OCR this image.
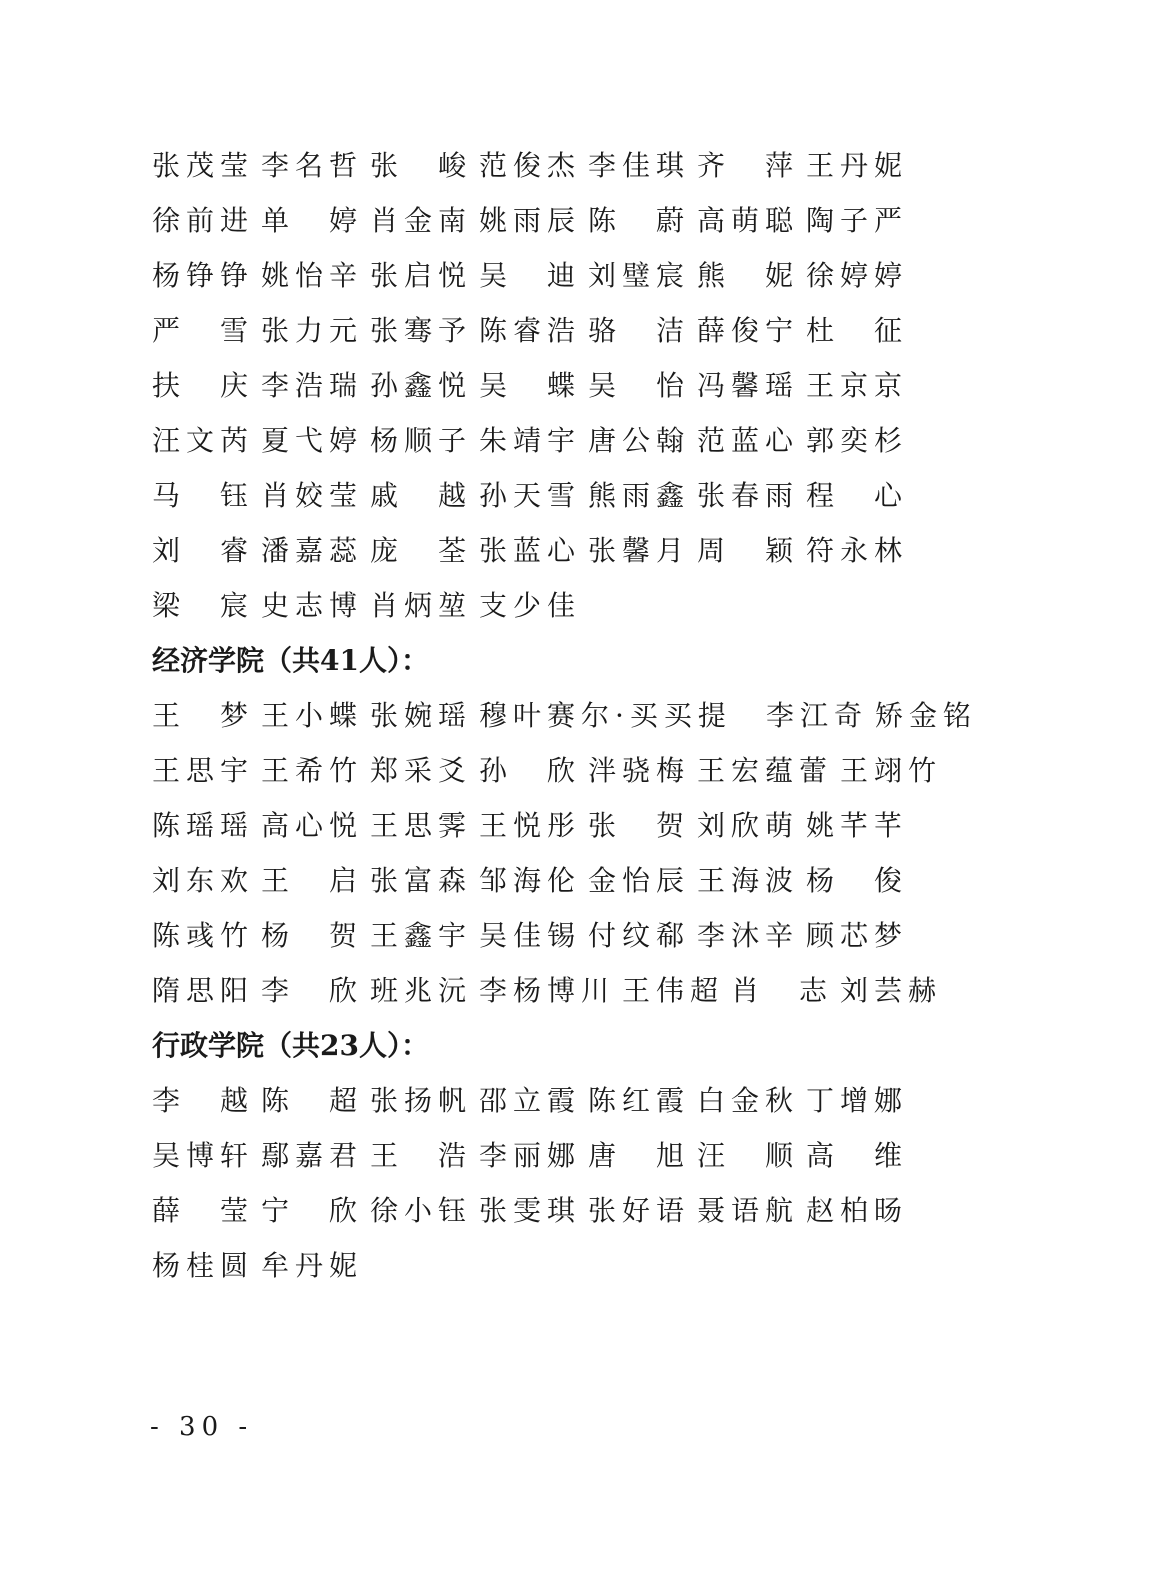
张茂莹 李名哲 张　峻 范俊杰 李佳琪 齐　萍 王丹妮
徐前进 单　婷 肖金南 姚雨辰 陈　蔚 高萌聪 陶子严
杨铮铮 姚怡辛 张启悦 吴　迪 刘璧宸 熊　妮 徐婷婷
严　雪 张力元 张骞予 陈睿浩 骆　洁 薛俊宁 杜　征
扶　庆 李浩瑞 孙鑫悦 吴　蝶 吴　怡 冯馨瑶 王京京
汪文芮 夏弋婷 杨顺子 朱靖宇 唐公翰 范蓝心 郭奕杉
马　钰 肖姣莹 戚　越 孙天雪 熊雨鑫 张春雨 程　心
刘　睿 潘嘉蕊 庞　荃 张蓝心 张馨月 周　颖 符永林
梁　宸 史志博 肖炳堃 支少佳
经济学院（共41人）：
王　梦 王小蝶 张婉瑶 穆叶赛尔·买买提 李江奇 矫金铭
王思宇 王希竹 郑采爻 孙　欣 泮骁梅 王宏蕴蕾 王翊竹
陈瑶瑶 高心悦 王思霁 王悦彤 张　贺 刘欣萌 姚芊芊
刘东欢 王　启 张富森 邹海伦 金怡辰 王海波 杨　俊
陈彧竹 杨　贺 王鑫宇 吴佳锡 付纹郗 李沐辛 顾芯梦
隋思阳 李　欣 班兆沅 李杨博川 王伟超 肖　志 刘芸赫
行政学院（共23人）：
李　越 陈　超 张扬帆 邵立霞 陈红霞 白金秋 丁增娜
吴博轩 鄢嘉君 王　浩 李丽娜 唐　旭 汪　顺 高　维
薛　莹 宁　欣 徐小钰 张雯琪 张好语 聂语航 赵柏旸
杨桂圆 牟丹妮
- 30 -
